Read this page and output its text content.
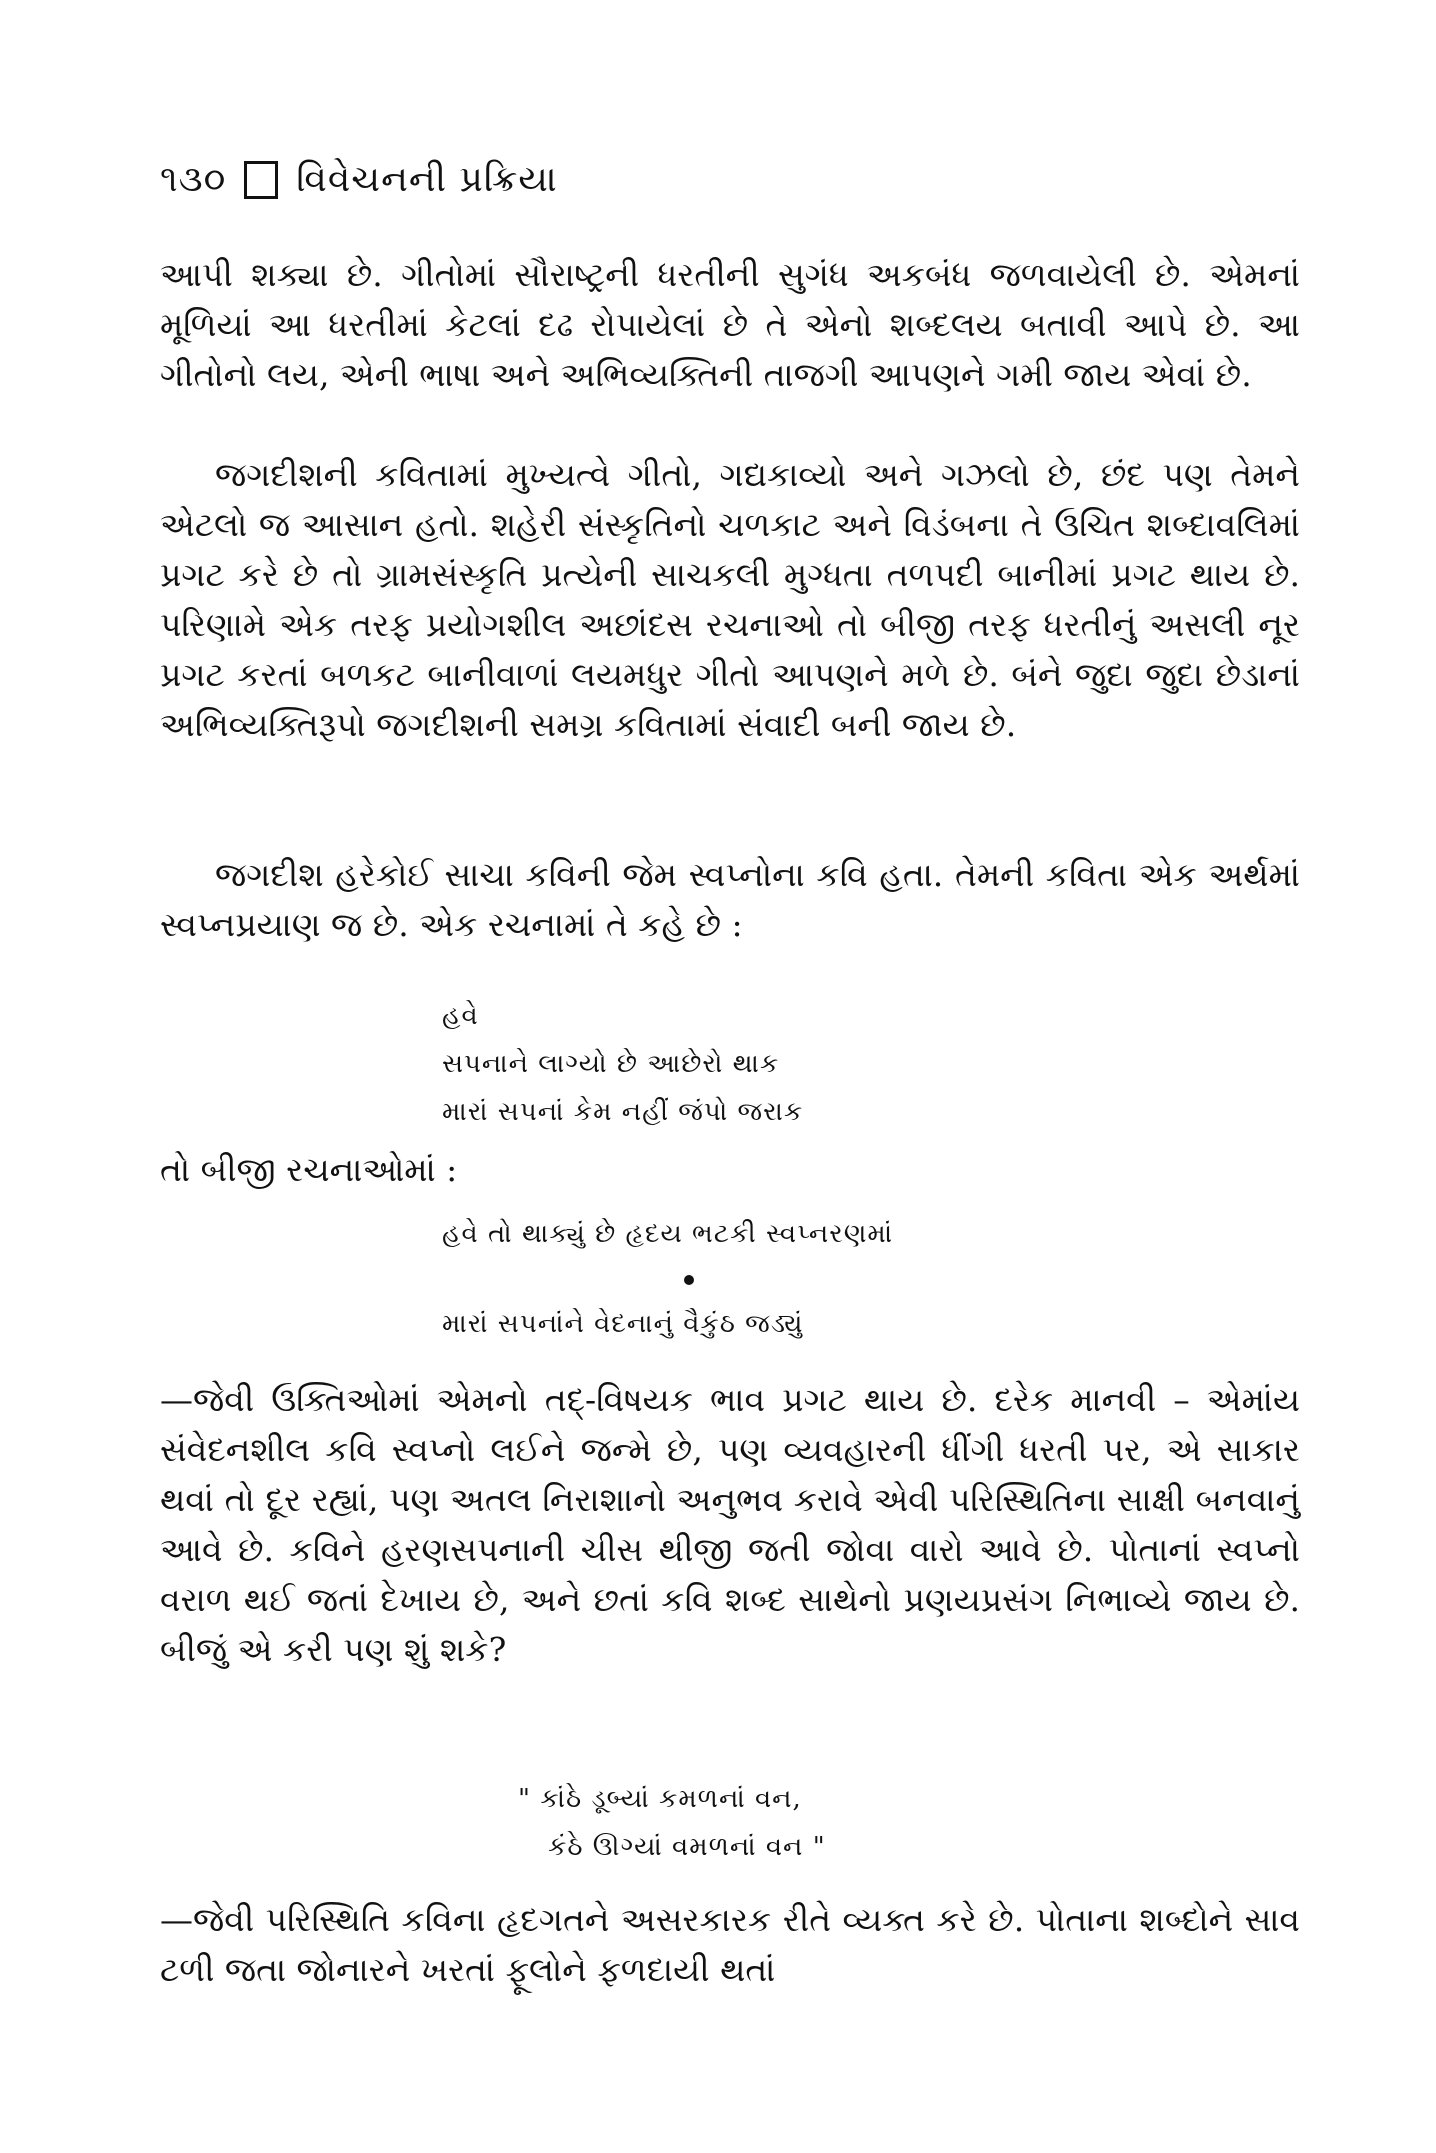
૧૩૦ વિવેચનની પ્રક્રિયા

આપી શક્યા છે. ગીતોમાં સૌરાષ્ટ્રની ધરતીની સુગંધ અકબંધ જળવાયેલી છે. એમનાં મૂળિયાં આ ધરતીમાં કેટલાં દઢ રોપાયેલાં છે તે એનો શબ્દલય બતાવી આપે છે. આ ગીતોનો લય, એની ભાષા અને અભિવ્યક્તિની તાજગી આપણને ગમી જાય એવાં છે.

જગદીશની કવિતામાં મુખ્યત્વે ગીતો, ગદ્યકાવ્યો અને ગઝલો છે, છંદ પણ તેમને એટલો જ આસાન હતો. શહેરી સંસ્કૃતિનો ચળકાટ અને વિડંબના તે ઉચિત શબ્દાવલિમાં પ્રગટ કરે છે તો ગ્રામસંસ્કૃતિ પ્રત્યેની સાચકલી મુગ્ધતા તળપદી બાનીમાં પ્રગટ થાય છે. પરિણામે એક તરફ પ્રયોગશીલ અછાંદસ રચનાઓ તો બીજી તરફ ધરતીનું અસલી નૂર પ્રગટ કરતાં બળકટ બાનીવાળાં લયમધુર ગીતો આપણને મળે છે. બંને જુદા જુદા છેડાનાં અભિવ્યક્તિરૂપો જગદીશની સમગ્ર કવિતામાં સંવાદી બની જાય છે.

જગદીશ હરેકોઈ સાચા કવિની જેમ સ્વપ્નોના કવિ હતા. તેમની કવિતા એક અર્થમાં સ્વપ્નપ્રયાણ જ છે. એક રચનામાં તે કહે છે :

હવે
સપનાને લાગ્યો છે આછેરો થાક
મારાં સપનાં કેમ નહીં જંપો જરાક
તો બીજી રચનાઓમાં :
હવે તો થાક્યું છે હૃદય ભટકી સ્વપ્નરણમાં
મારાં સપનાંને વેદનાનું વૈકુંઠ જડ્યું

—જેવી ઉક્તિઓમાં એમનો તદ્-વિષયક ભાવ પ્રગટ થાય છે. દરેક માનવી – એમાંય સંવેદનશીલ કવિ સ્વપ્નો લઈને જન્મે છે, પણ વ્યવહારની ધીંગી ધરતી પર, એ સાકાર થવાં તો દૂર રહ્યાં, પણ અતલ નિરાશાનો અનુભવ કરાવે એવી પરિસ્થિતિના સાક્ષી બનવાનું આવે છે. કવિને હરણસપનાની ચીસ થીજી જતી જોવા વારો આવે છે. પોતાનાં સ્વપ્નો વરાળ થઈ જતાં દેખાય છે, અને છતાં કવિ શબ્દ સાથેનો પ્રણયપ્રસંગ નિભાવ્યે જાય છે. બીજું એ કરી પણ શું શકે?

" કાંઠે ડૂબ્યાં કમળનાં વન,
કંઠે ઊગ્યાં વમળનાં વન "

—જેવી પરિસ્થિતિ કવિના હૃદગતને અસરકારક રીતે વ્યક્ત કરે છે. પોતાના શબ્દોને સાવ ટળી જતા જોનારને ખરતાં ફૂલોને ફળદાયી થતાં
